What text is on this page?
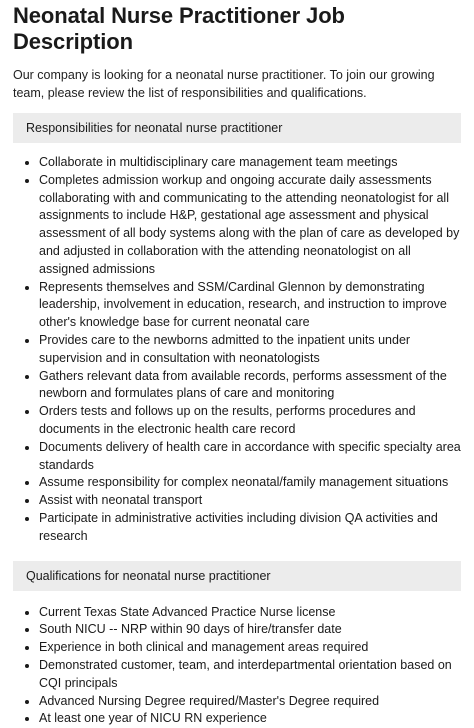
Neonatal Nurse Practitioner Job Description

Our company is looking for a neonatal nurse practitioner. To join our growing team, please review the list of responsibilities and qualifications.

Responsibilities for neonatal nurse practitioner
• Collaborate in multidisciplinary care management team meetings
• Completes admission workup and ongoing accurate daily assessments collaborating with and communicating to the attending neonatologist for all assignments to include H&P, gestational age assessment and physical assessment of all body systems along with the plan of care as developed by and adjusted in collaboration with the attending neonatologist on all assigned admissions
• Represents themselves and SSM/Cardinal Glennon by demonstrating leadership, involvement in education, research, and instruction to improve other's knowledge base for current neonatal care
• Provides care to the newborns admitted to the inpatient units under supervision and in consultation with neonatologists
• Gathers relevant data from available records, performs assessment of the newborn and formulates plans of care and monitoring
• Orders tests and follows up on the results, performs procedures and documents in the electronic health care record
• Documents delivery of health care in accordance with specific specialty area standards
• Assume responsibility for complex neonatal/family management situations
• Assist with neonatal transport
• Participate in administrative activities including division QA activities and research
Qualifications for neonatal nurse practitioner
• Current Texas State Advanced Practice Nurse license
• South NICU -- NRP within 90 days of hire/transfer date
• Experience in both clinical and management areas required
• Demonstrated customer, team, and interdepartmental orientation based on CQI principals
• Advanced Nursing Degree required/Master's Degree required
• At least one year of NICU RN experience
